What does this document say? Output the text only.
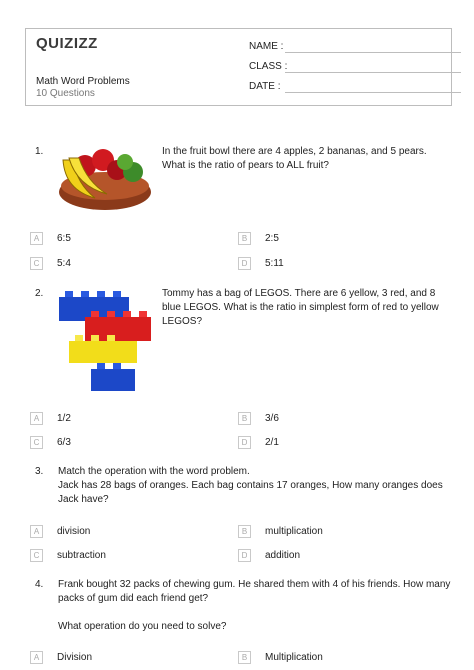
QUIZIZZ
Math Word Problems
10 Questions
NAME :
CLASS :
DATE :
1.	In the fruit bowl there are 4 apples, 2 bananas, and 5 pears.
What is the ratio of pears to ALL fruit?
A	6:5	B	2:5
C	5:4	D	5:11
2.	Tommy has a bag of LEGOS. There are 6 yellow, 3 red, and 8
blue LEGOS. What is the ratio in simplest form of red to yellow
LEGOS?
A	1/2	B	3/6
C	6/3	D	2/1
3. Match the operation with the word problem.
Jack has 28 bags of oranges. Each bag contains 17 oranges, How many oranges does
Jack have?
A	division	B	multiplication
C	subtraction	D	addition
4. Frank bought 32 packs of chewing gum. He shared them with 4 of his friends. How many
packs of gum did each friend get?
What operation do you need to solve?
A	Division	B	Multiplication
